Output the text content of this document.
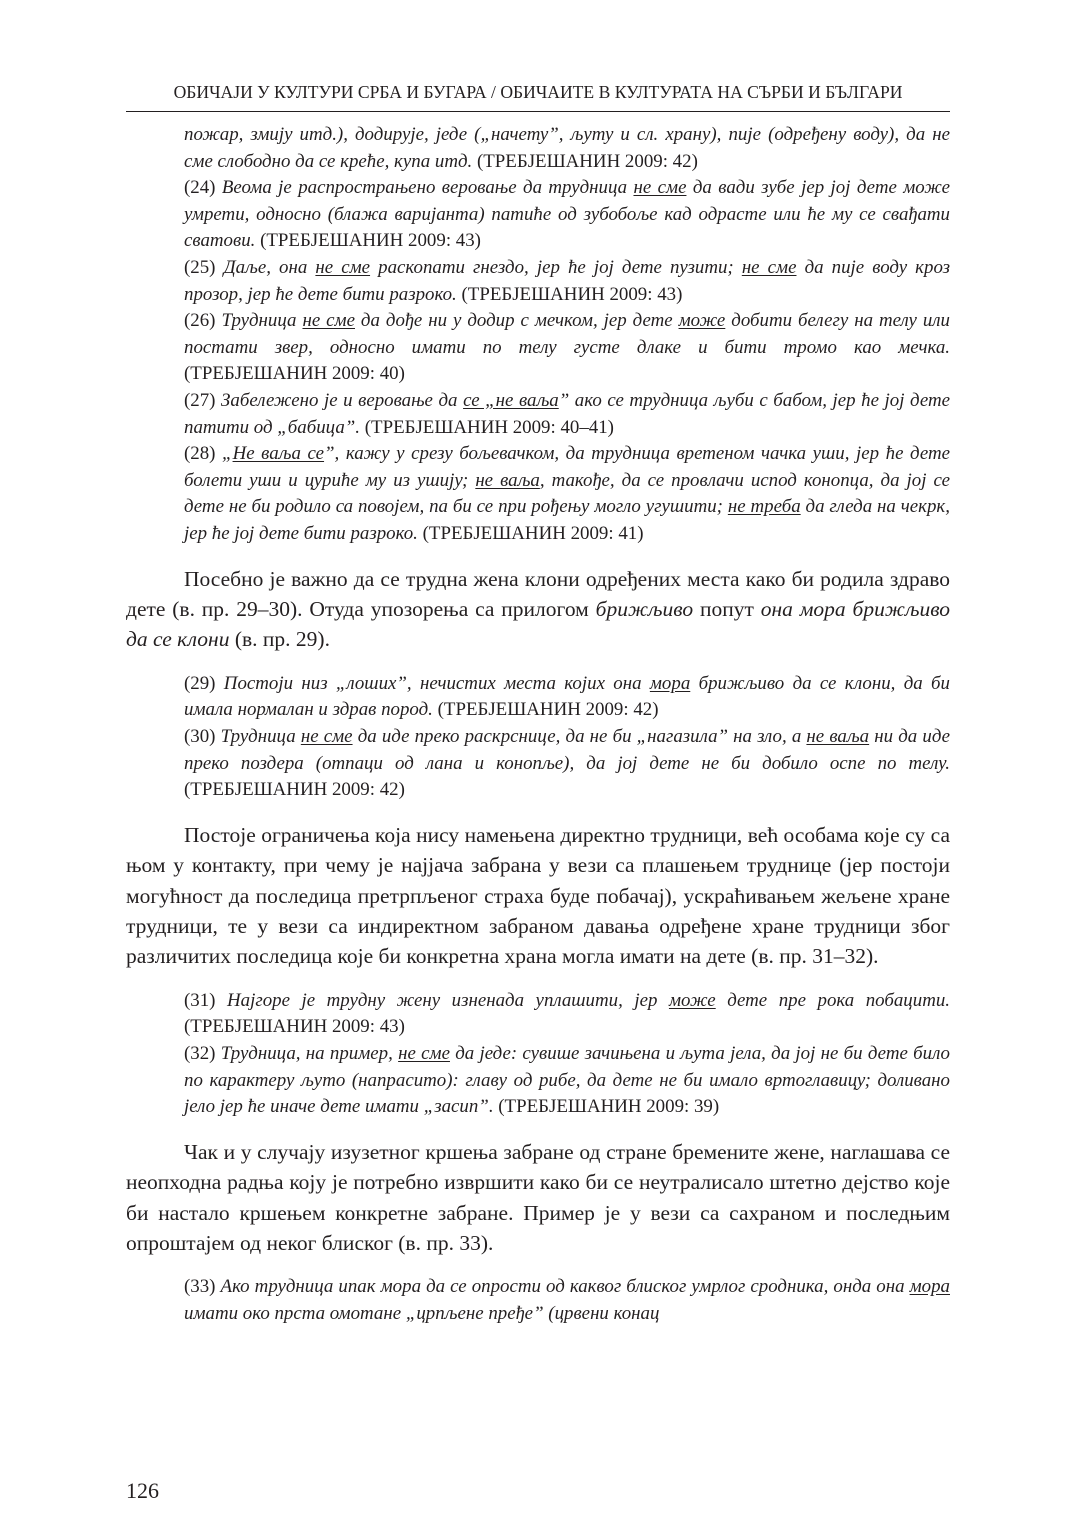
ОБИЧАЈИ У КУЛТУРИ СРБА И БУГАРА / ОБИЧАИТЕ В КУЛТУРАТА НА СЪРБИ И БЪЛГАРИ
пожар, змију итд.), додирује, једе („начету”, љуту и сл. храну), пије (одређену воду), да не сме слободно да се креће, купа итд. (ТРЕБЈЕШАНИН 2009: 42)
(24) Веома је распрострањено веровање да трудница не сме да вади зубе јер јој дете може умрети, односно (блажа варијанта) патиће од зубобоље кад одрасте или ће му се свађати сватови. (ТРЕБЈЕШАНИН 2009: 43)
(25) Даље, она не сме раскопати гнездо, јер ће јој дете пузити; не сме да пије воду кроз прозор, јер ће дете бити разроко. (ТРЕБЈЕШАНИН 2009: 43)
(26) Трудница не сме да дође ни у додир с мечком, јер дете може добити белегу на телу или постати звер, односно имати по телу густе длаке и бити тромо као мечка. (ТРЕБЈЕШАНИН 2009: 40)
(27) Забележено је и веровање да се „не ваља” ако се трудница љуби с бабом, јер ће јој дете патити од „бабица”. (ТРЕБЈЕШАНИН 2009: 40–41)
(28) „Не ваља се”, кажу у срезу бољевачком, да трудница вретеном чачка уши, јер ће дете болети уши и цуриће му из ушију; не ваља, такође, да се провлачи испод конопца, да јој се дете не би родило са повојем, па би се при рођењу могло угушити; не треба да гледа на чекрк, јер ће јој дете бити разроко. (ТРЕБЈЕШАНИН 2009: 41)

Посебно је важно да се трудна жена клони одређених места како би родила здраво дете (в. пр. 29–30). Отуда упозорења са прилогом брижљиво попут она мора брижљиво да се клони (в. пр. 29).

(29) Постоји низ „лоших”, нечистих места којих она мора брижљиво да се клони, да би имала нормалан и здрав пород. (ТРЕБЈЕШАНИН 2009: 42)
(30) Трудница не сме да иде преко раскрснице, да не би „нагазила” на зло, а не ваља ни да иде преко поздера (отпаци од лана и конопље), да јој дете не би добило оспе по телу. (ТРЕБЈЕШАНИН 2009: 42)

Постоје ограничења која нису намењена директно трудници, већ особама које су са њом у контакту, при чему је најјача забрана у вези са плашењем труднице (јер постоји могућност да последица претрпљеног страха буде побачај), ускраћивањем жељене хране трудници, те у вези са индиректном забраном давања одређене хране трудници због различитих последица које би конкретна храна могла имати на дете (в. пр. 31–32).

(31) Најгоре је трудну жену изненада уплашити, јер може дете пре рока побацити. (ТРЕБЈЕШАНИН 2009: 43)
(32) Трудница, на пример, не сме да једе: сувише зачињена и љута јела, да јој не би дете било по карактеру љуто (напрасито): главу од рибе, да дете не би имало вртоглавицу; доливано јело јер ће иначе дете имати „засип”. (ТРЕБЈЕШАНИН 2009: 39)

Чак и у случају изузетног кршења забране од стране бремените жене, наглашава се неопходна радња коју је потребно извршити како би се неутралисало штетно дејство које би настало кршењем конкретне забране. Пример је у вези са сахраном и последњим опроштајем од неког блиског (в. пр. 33).

(33) Ако трудница ипак мора да се опрости од каквог блиског умрлог сродника, онда она мора имати око прста омотане „црпљене пређе” (црвени конац
126
